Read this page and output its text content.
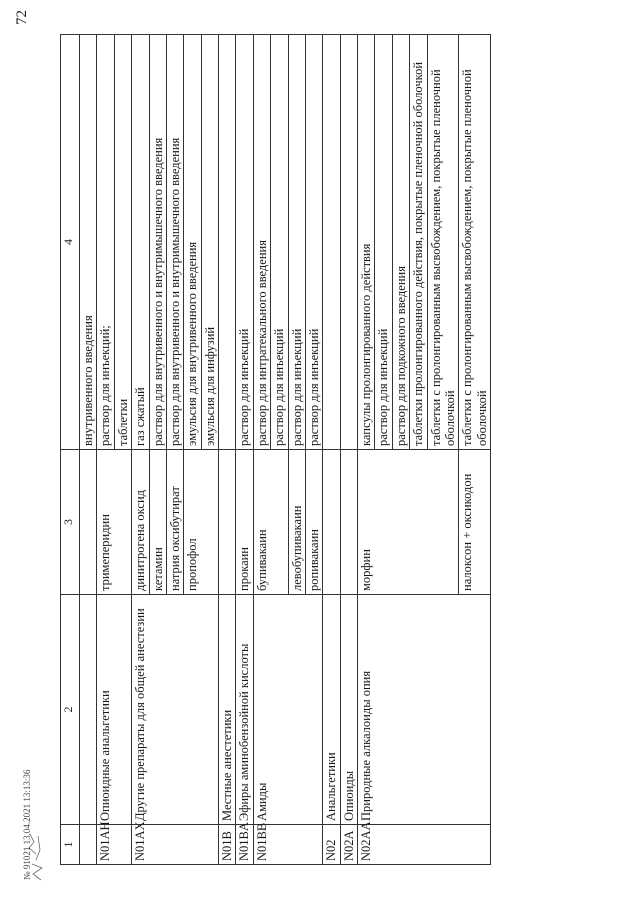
72
1	2	3	4
			внутривенного введения
N01AH	Опиоидные анальгетики	тримеперидин	раствор для инъекций;
			таблетки
N01AX	Другие препараты для общей анестезии	динитрогена оксид	газ сжатый
		кетамин	раствор для внутривенного и внутримышечного введения
		натрия оксибутират	раствор для внутривенного и внутримышечного введения
		пропофол	эмульсия для внутривенного введения
			эмульсия для инфузий
N01B	Местные анестетики		
N01BA	Эфиры аминобензойной кислоты	прокаин	раствор для инъекций
N01BB	Амиды	бупивакаин	раствор для интратекального введения
			раствор для инъекций
		левобупивакаин	раствор для инъекций
		ропивакаин	раствор для инъекций
N02	Анальгетики		
N02A	Опиоиды		
N02AA	Природные алкалоиды опия	морфин	капсулы пролонгированного действия
			раствор для инъекций
			раствор для подкожного введения
			таблетки пролонгированного действия, покрытые пленочной оболочкой
			таблетки с пролонгированным высвобождением, покрытые пленочной оболочкой
		налоксон + оксикодон	таблетки с пролонгированным высвобождением, покрытые пленочной оболочкой
№ 91021 13.04.2021 13:13:36
